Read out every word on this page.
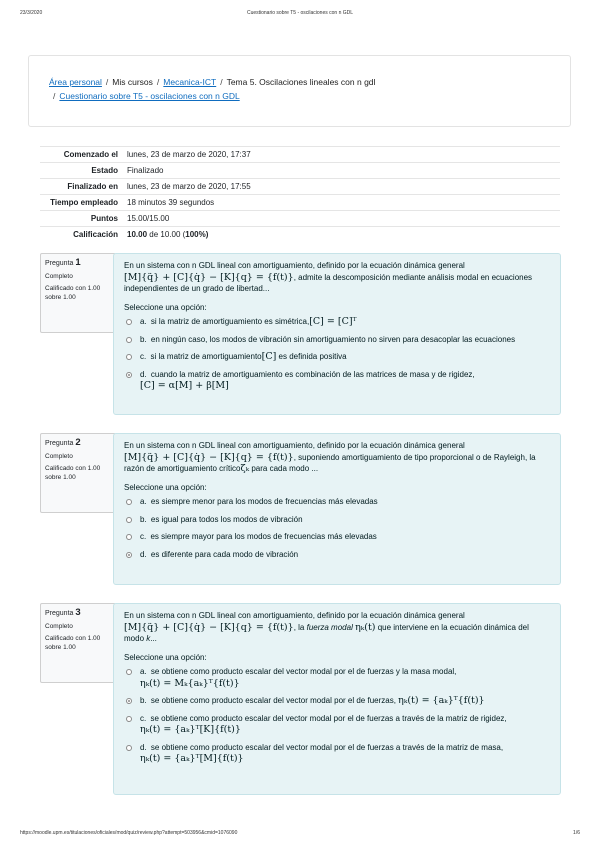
23/3/2020	Cuestionario sobre T5 - oscilaciones con n GDL
Área personal / Mis cursos / Mecanica-ICT / Tema 5. Oscilaciones lineales con n gdl
/ Cuestionario sobre T5 - oscilaciones con n GDL
Comenzado el	lunes, 23 de marzo de 2020, 17:37
Estado	Finalizado
Finalizado en	lunes, 23 de marzo de 2020, 17:55
Tiempo empleado	18 minutos 39 segundos
Puntos	15.00/15.00
Calificación	10.00 de 10.00 (100%)
Pregunta 1
Completo
Calificado con 1.00 sobre 1.00
En un sistema con n GDL lineal con amortiguamiento, definido por la ecuación dinámica general
[M]{q̈} + [C]{q̇} − [K]{q} = {f(t)}, admite la descomposición mediante análisis modal en ecuaciones independientes de un grado de libertad...
Seleccione una opción:
a. si la matriz de amortiguamiento es simétrica,[C] = [C]ᵀ
b. en ningún caso, los modos de vibración sin amortiguamiento no sirven para desacoplar las ecuaciones
c. si la matriz de amortiguamiento[C] es definida positiva
d. cuando la matriz de amortiguamiento es combinación de las matrices de masa y de rigidez,
[C] = α[M] + β[M]
Pregunta 2
Completo
Calificado con 1.00 sobre 1.00
En un sistema con n GDL lineal con amortiguamiento, definido por la ecuación dinámica general
[M]{q̈} + [C]{q̇} − [K]{q} = {f(t)}, suponiendo amortiguamiento de tipo proporcional o de Rayleigh, la razón de amortiguamiento críticoζₖ para cada modo ...
Seleccione una opción:
a. es siempre menor para los modos de frecuencias más elevadas
b. es igual para todos los modos de vibración
c. es siempre mayor para los modos de frecuencias más elevadas
d. es diferente para cada modo de vibración
Pregunta 3
Completo
Calificado con 1.00 sobre 1.00
En un sistema con n GDL lineal con amortiguamiento, definido por la ecuación dinámica general
[M]{q̈} + [C]{q̇} − [K]{q} = {f(t)}, la fuerza modal ηₖ(t) que interviene en la ecuación dinámica del modo k...
Seleccione una opción:
a. se obtiene como producto escalar del vector modal por el de fuerzas y la masa modal,
ηₖ(t) = Mₖ{aₖ}ᵀ{f(t)}
b. se obtiene como producto escalar del vector modal por el de fuerzas, ηₖ(t) = {aₖ}ᵀ{f(t)}
c. se obtiene como producto escalar del vector modal por el de fuerzas a través de la matriz de rigidez,
ηₖ(t) = {aₖ}ᵀ[K]{f(t)}
d. se obtiene como producto escalar del vector modal por el de fuerzas a través de la matriz de masa,
ηₖ(t) = {aₖ}ᵀ[M]{f(t)}
https://moodle.upm.es/titulaciones/oficiales/mod/quiz/review.php?attempt=503956&cmid=1076090	1/6
